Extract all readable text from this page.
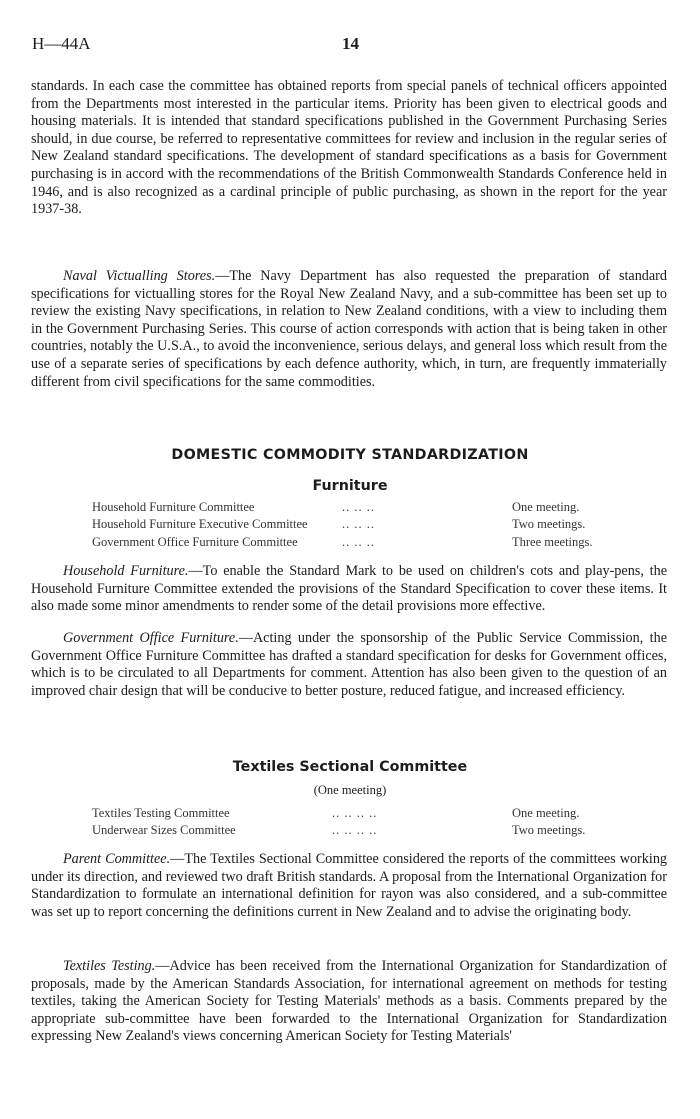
H—44A	14
standards. In each case the committee has obtained reports from special panels of technical officers appointed from the Departments most interested in the particular items. Priority has been given to electrical goods and housing materials. It is intended that standard specifications published in the Government Purchasing Series should, in due course, be referred to representative committees for review and inclusion in the regular series of New Zealand standard specifications. The development of standard specifications as a basis for Government purchasing is in accord with the recommendations of the British Commonwealth Standards Conference held in 1946, and is also recognized as a cardinal principle of public purchasing, as shown in the report for the year 1937-38.
Naval Victualling Stores.—The Navy Department has also requested the preparation of standard specifications for victualling stores for the Royal New Zealand Navy, and a sub-committee has been set up to review the existing Navy specifications, in relation to New Zealand conditions, with a view to including them in the Government Purchasing Series. This course of action corresponds with action that is being taken in other countries, notably the U.S.A., to avoid the inconvenience, serious delays, and general loss which result from the use of a separate series of specifications by each defence authority, which, in turn, are frequently immaterially different from civil specifications for the same commodities.
DOMESTIC COMMODITY STANDARDIZATION
Furniture
Household Furniture Committee	.. .. ..	One meeting.
Household Furniture Executive Committee	.. .. ..	Two meetings.
Government Office Furniture Committee	.. .. ..	Three meetings.
Household Furniture.—To enable the Standard Mark to be used on children's cots and play-pens, the Household Furniture Committee extended the provisions of the Standard Specification to cover these items. It also made some minor amendments to render some of the detail provisions more effective.
Government Office Furniture.—Acting under the sponsorship of the Public Service Commission, the Government Office Furniture Committee has drafted a standard specification for desks for Government offices, which is to be circulated to all Departments for comment. Attention has also been given to the question of an improved chair design that will be conducive to better posture, reduced fatigue, and increased efficiency.
Textiles Sectional Committee
(One meeting)
Textiles Testing Committee	.. .. .. ..	One meeting.
Underwear Sizes Committee	.. .. .. ..	Two meetings.
Parent Committee.—The Textiles Sectional Committee considered the reports of the committees working under its direction, and reviewed two draft British standards. A proposal from the International Organization for Standardization to formulate an international definition for rayon was also considered, and a sub-committee was set up to report concerning the definitions current in New Zealand and to advise the originating body.
Textiles Testing.—Advice has been received from the International Organization for Standardization of proposals, made by the American Standards Association, for international agreement on methods for testing textiles, taking the American Society for Testing Materials' methods as a basis. Comments prepared by the appropriate sub-committee have been forwarded to the International Organization for Standardization expressing New Zealand's views concerning American Society for Testing Materials'
